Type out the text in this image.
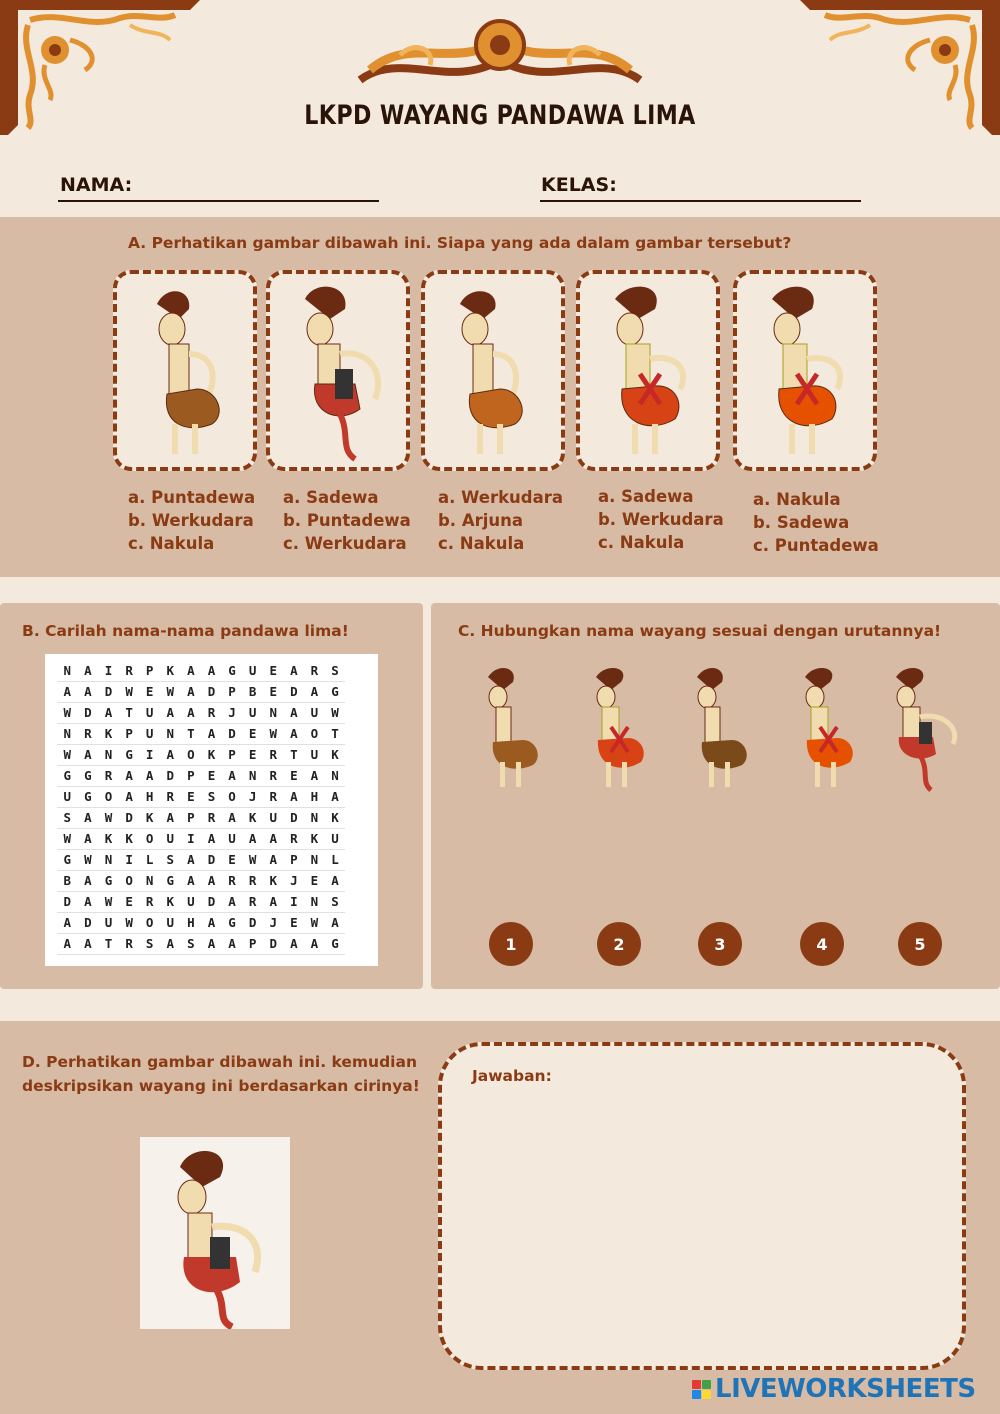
LKPD WAYANG PANDAWA LIMA
NAMA:	KELAS:
A. Perhatikan gambar dibawah ini. Siapa yang ada dalam gambar tersebut?
a. Puntadewa
b. Werkudara
c. Nakula
a. Sadewa
b. Puntadewa
c. Werkudara
a. Werkudara
b. Arjuna
c. Nakula
a. Sadewa
b. Werkudara
c. Nakula
a. Nakula
b. Sadewa
c. Puntadewa
B. Carilah nama-nama pandawa lima!
N	A	I	R	P	K	A	A	G	U	E	A	R	S
A	A	D	W	E	W	A	D	P	B	E	D	A	G
W	D	A	T	U	A	A	R	J	U	N	A	U	W
N	R	K	P	U	N	T	A	D	E	W	A	O	T
W	A	N	G	I	A	O	K	P	E	R	T	U	K
G	G	R	A	A	D	P	E	A	N	R	E	A	N
U	G	O	A	H	R	E	S	O	J	R	A	H	A
S	A	W	D	K	A	P	R	A	K	U	D	N	K
W	A	K	K	O	U	I	A	U	A	A	R	K	U
G	W	N	I	L	S	A	D	E	W	A	P	N	L
B	A	G	O	N	G	A	A	R	R	K	J	E	A
D	A	W	E	R	K	U	D	A	R	A	I	N	S
A	D	U	W	O	U	H	A	G	D	J	E	W	A
A	A	T	R	S	A	S	A	A	P	D	A	A	G
C. Hubungkan nama wayang sesuai dengan urutannya!
1	2	3	4	5
D. Perhatikan gambar dibawah ini. kemudian deskripsikan wayang ini berdasarkan cirinya!
Jawaban:
LIVEWORKSHEETS
